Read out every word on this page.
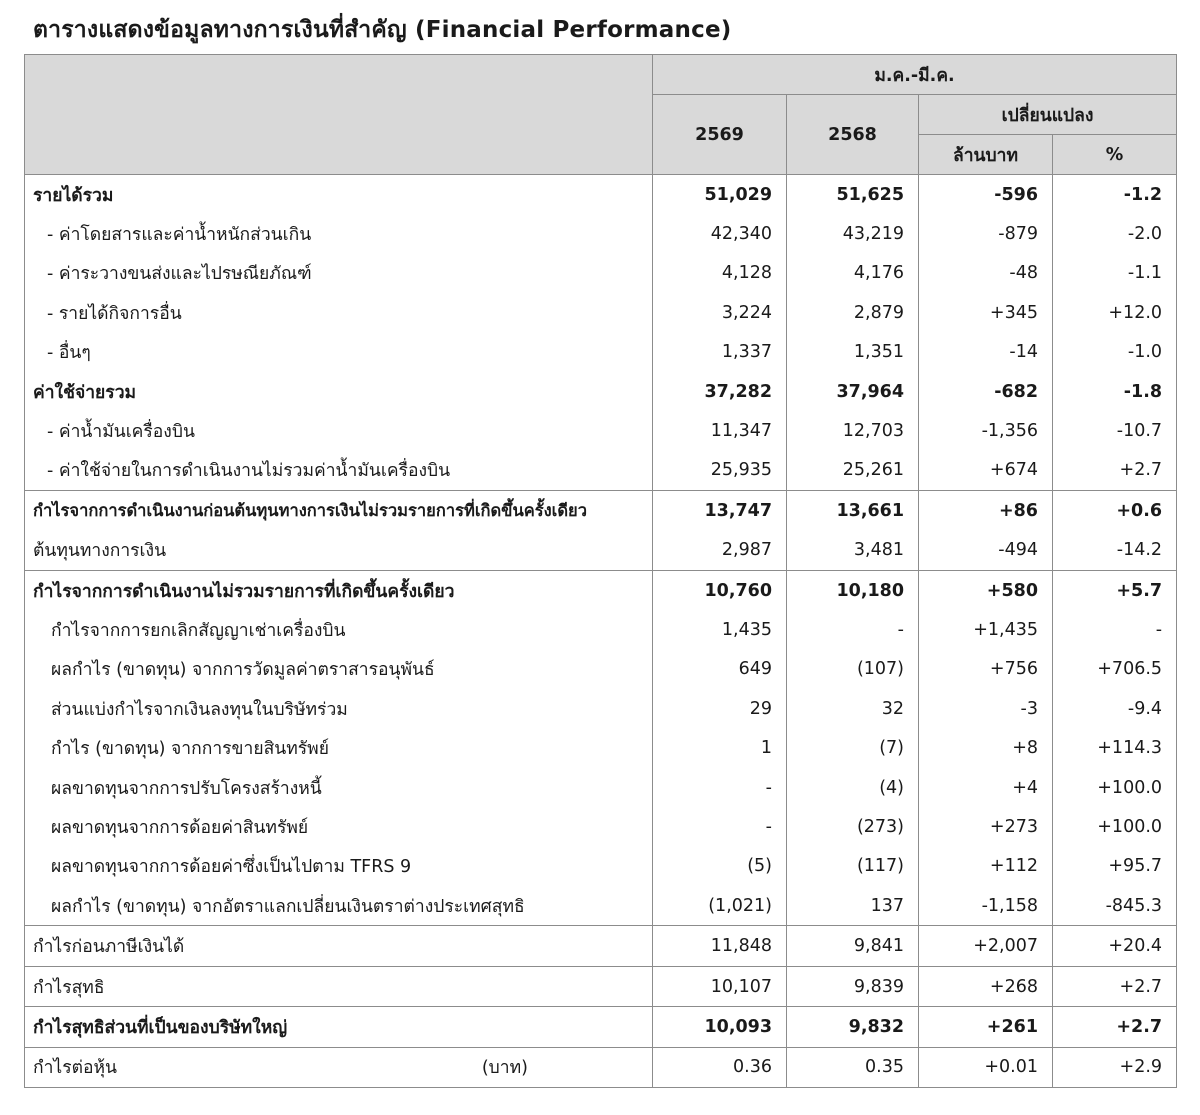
ตารางแสดงข้อมูลทางการเงินที่สำคัญ (Financial Performance)
	ม.ค.-มี.ค.			
	2569	2568	เปลี่ยนแปลง	
			ล้านบาท	%
รายได้รวม	51,029	51,625	-596	-1.2
- ค่าโดยสารและค่าน้ำหนักส่วนเกิน	42,340	43,219	-879	-2.0
- ค่าระวางขนส่งและไปรษณียภัณฑ์	4,128	4,176	-48	-1.1
- รายได้กิจการอื่น	3,224	2,879	+345	+12.0
- อื่นๆ	1,337	1,351	-14	-1.0
ค่าใช้จ่ายรวม	37,282	37,964	-682	-1.8
- ค่าน้ำมันเครื่องบิน	11,347	12,703	-1,356	-10.7
- ค่าใช้จ่ายในการดำเนินงานไม่รวมค่าน้ำมันเครื่องบิน	25,935	25,261	+674	+2.7
กำไรจากการดำเนินงานก่อนต้นทุนทางการเงินไม่รวมรายการที่เกิดขึ้นครั้งเดียว	13,747	13,661	+86	+0.6
ต้นทุนทางการเงิน	2,987	3,481	-494	-14.2
กำไรจากการดำเนินงานไม่รวมรายการที่เกิดขึ้นครั้งเดียว	10,760	10,180	+580	+5.7
กำไรจากการยกเลิกสัญญาเช่าเครื่องบิน	1,435	-	+1,435	-
ผลกำไร (ขาดทุน) จากการวัดมูลค่าตราสารอนุพันธ์	649	(107)	+756	+706.5
ส่วนแบ่งกำไรจากเงินลงทุนในบริษัทร่วม	29	32	-3	-9.4
กำไร (ขาดทุน) จากการขายสินทรัพย์	1	(7)	+8	+114.3
ผลขาดทุนจากการปรับโครงสร้างหนี้	-	(4)	+4	+100.0
ผลขาดทุนจากการด้อยค่าสินทรัพย์	-	(273)	+273	+100.0
ผลขาดทุนจากการด้อยค่าซึ่งเป็นไปตาม TFRS 9	(5)	(117)	+112	+95.7
ผลกำไร (ขาดทุน) จากอัตราแลกเปลี่ยนเงินตราต่างประเทศสุทธิ	(1,021)	137	-1,158	-845.3
กำไรก่อนภาษีเงินได้	11,848	9,841	+2,007	+20.4
กำไรสุทธิ	10,107	9,839	+268	+2.7
กำไรสุทธิส่วนที่เป็นของบริษัทใหญ่	10,093	9,832	+261	+2.7
กำไรต่อหุ้น (บาท)	0.36	0.35	+0.01	+2.9
